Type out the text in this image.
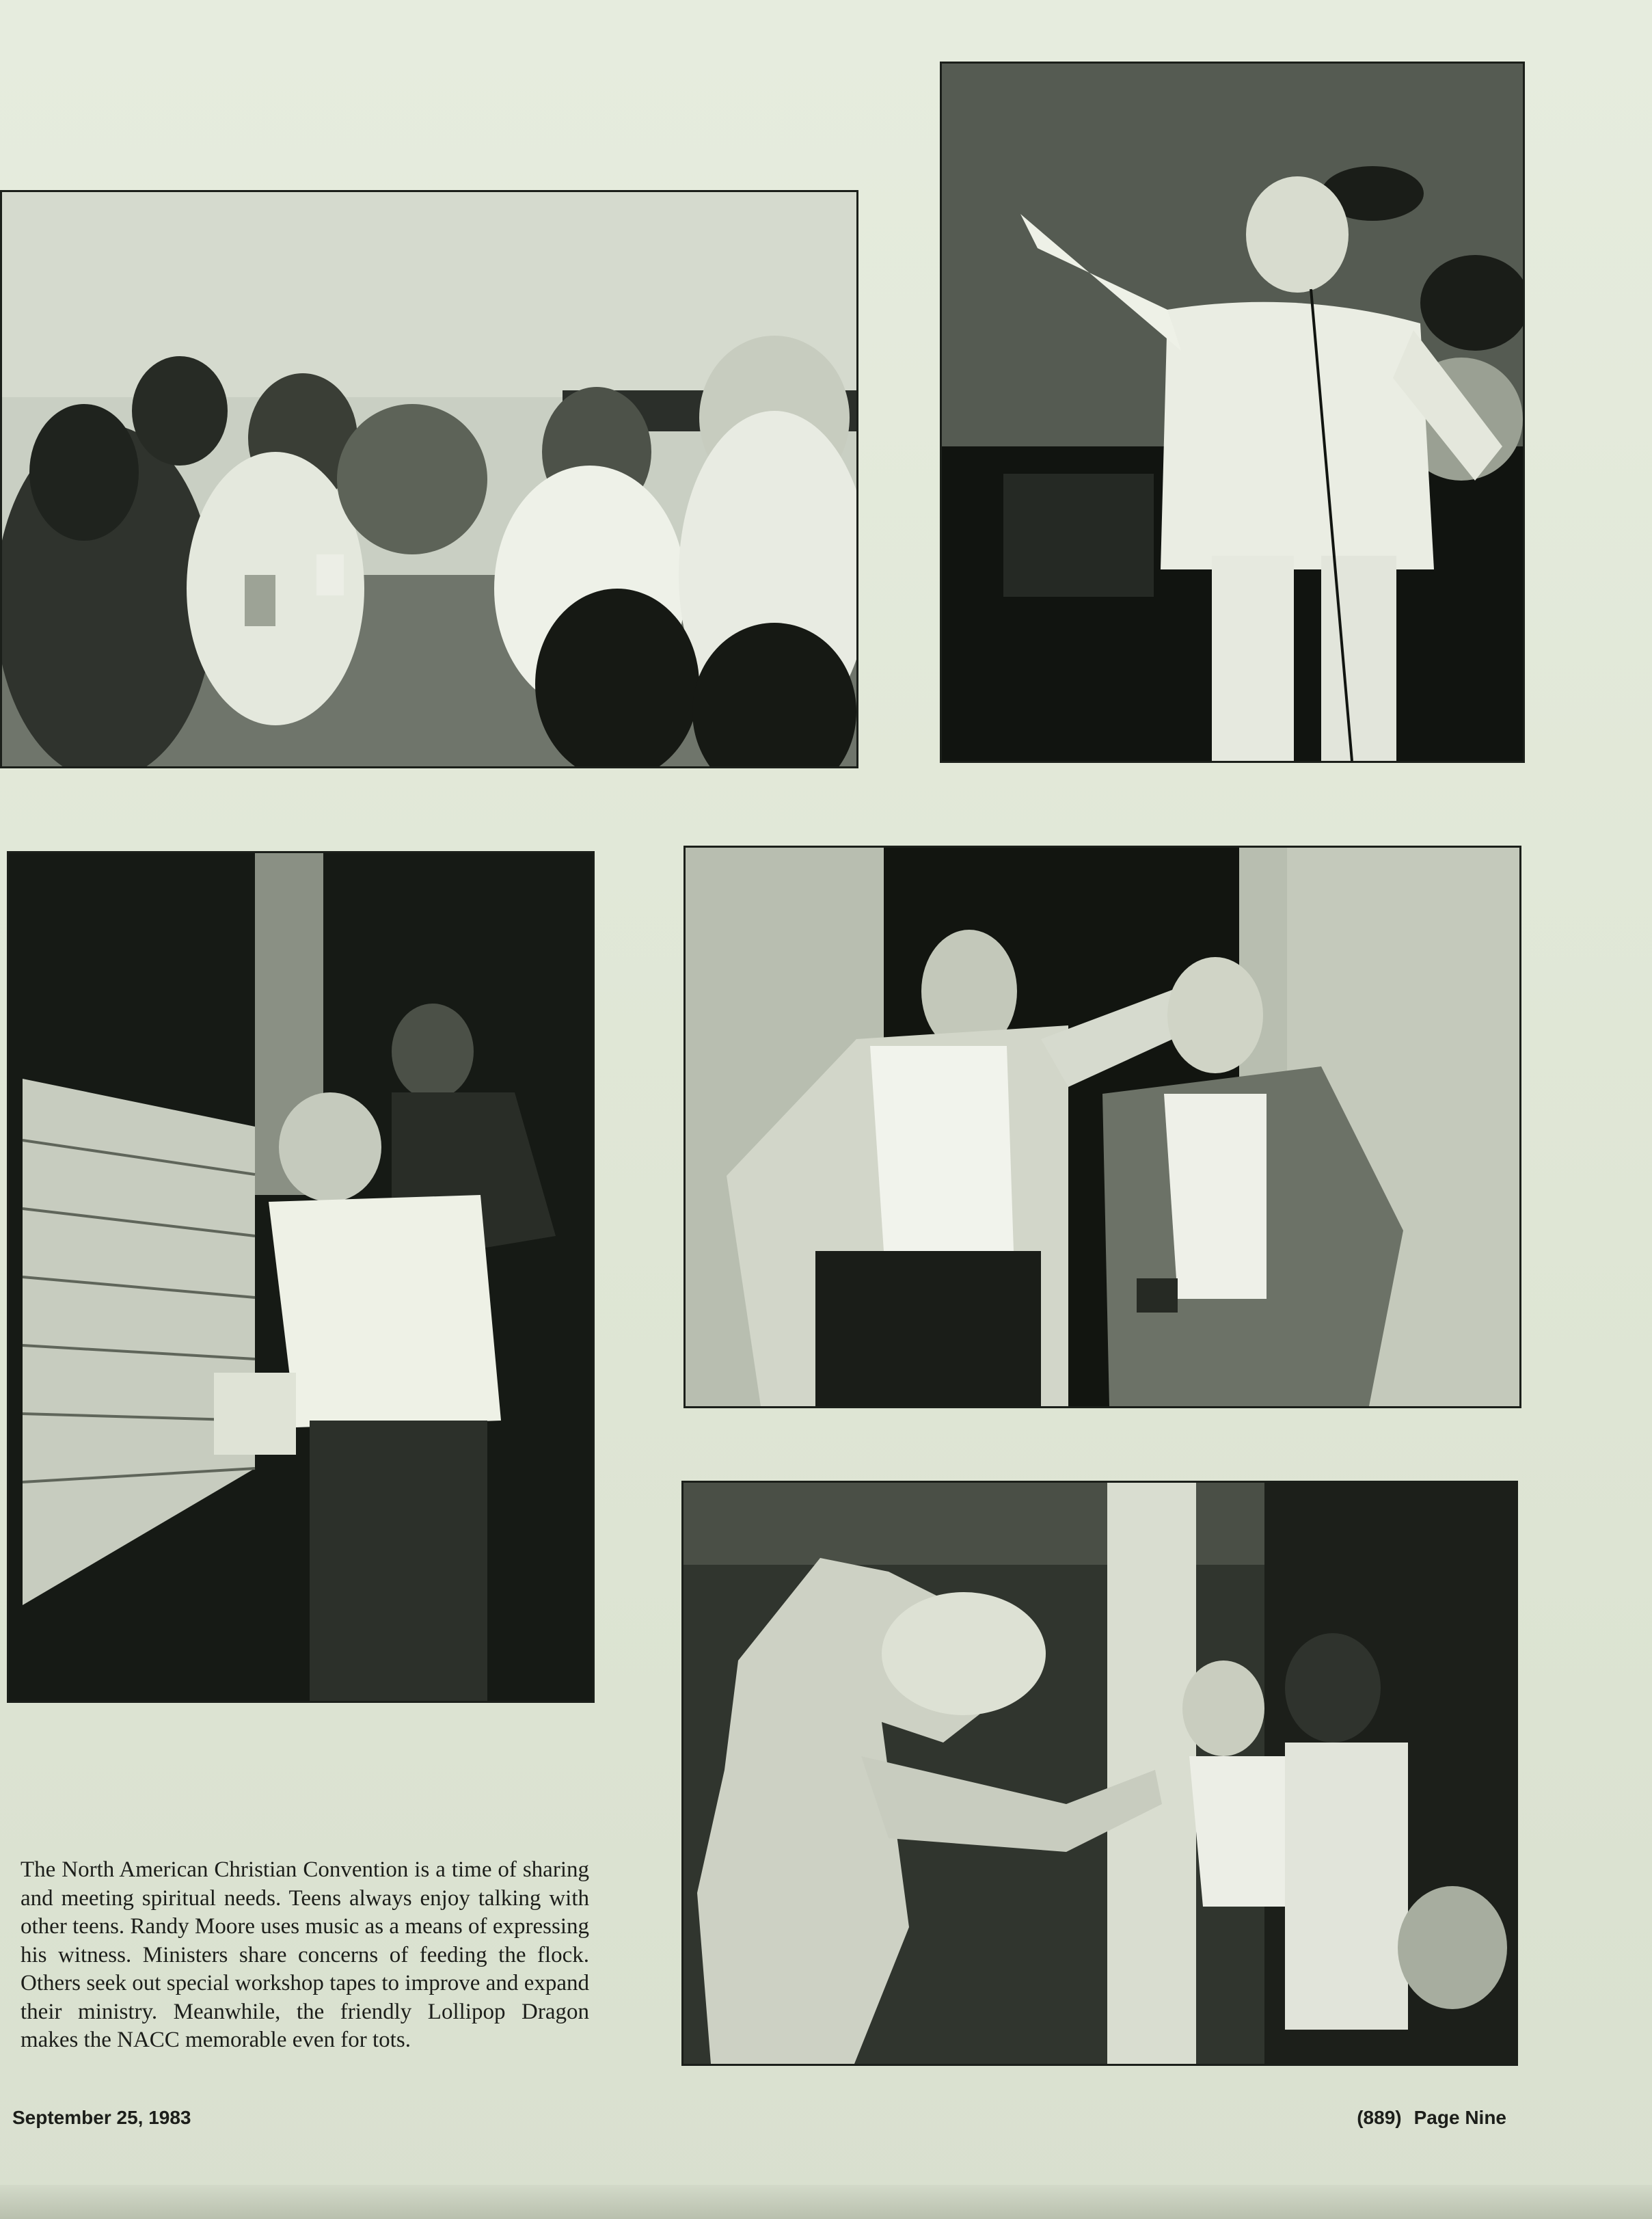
The North American Christian Convention is a time of sharing and meeting spiritual needs. Teens always enjoy talking with other teens. Randy Moore uses music as a means of expressing his witness. Ministers share concerns of feeding the flock. Others seek out special workshop tapes to improve and expand their ministry. Meanwhile, the friendly Lollipop Dragon makes the NACC memorable even for tots.

September 25, 1983	(889) Page Nine
